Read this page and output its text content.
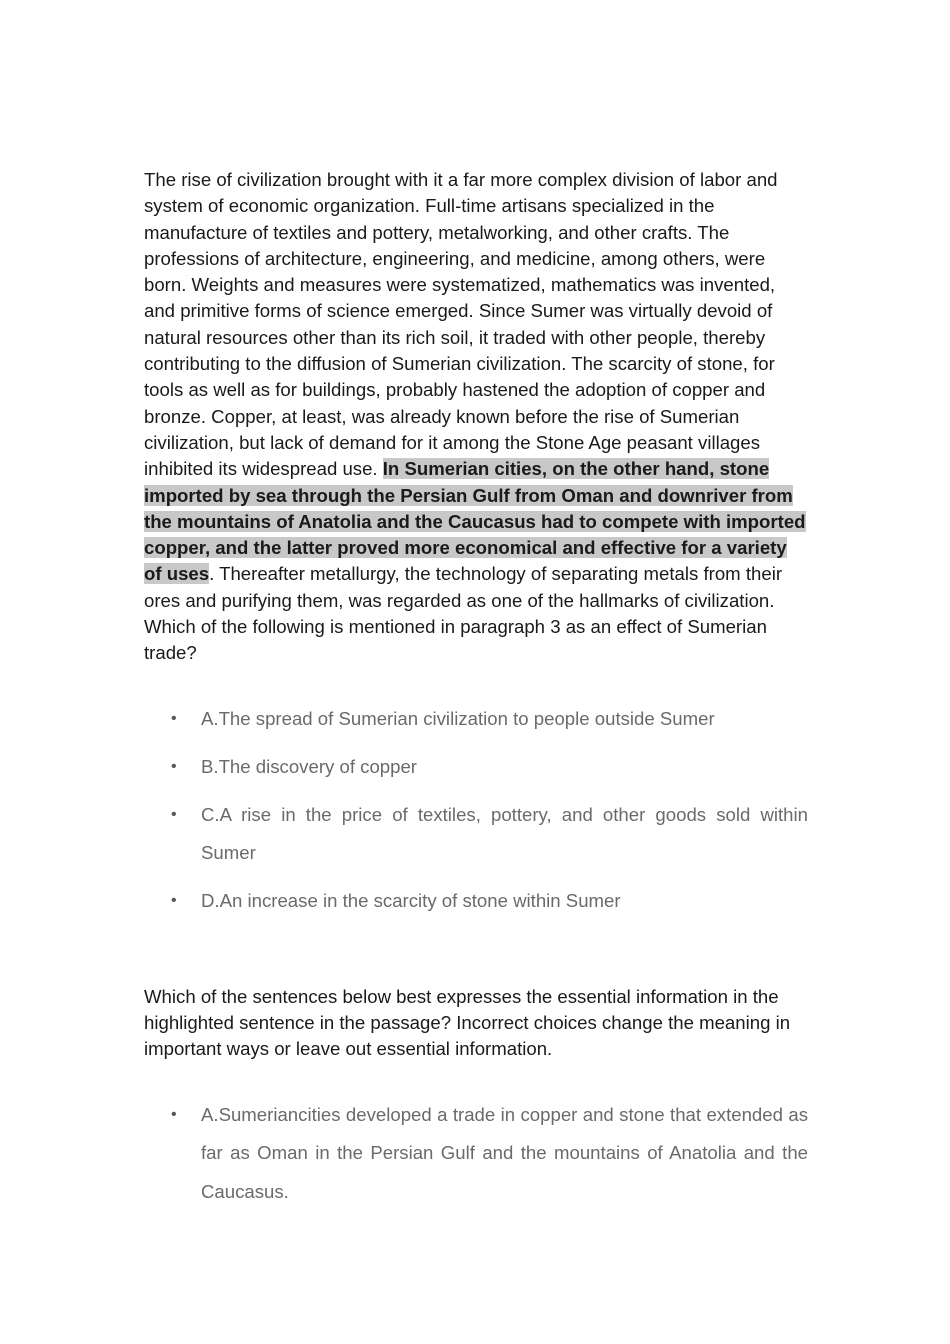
The rise of civilization brought with it a far more complex division of labor and system of economic organization. Full-time artisans specialized in the manufacture of textiles and pottery, metalworking, and other crafts. The professions of architecture, engineering, and medicine, among others, were born. Weights and measures were systematized, mathematics was invented, and primitive forms of science emerged. Since Sumer was virtually devoid of natural resources other than its rich soil, it traded with other people, thereby contributing to the diffusion of Sumerian civilization. The scarcity of stone, for tools as well as for buildings, probably hastened the adoption of copper and bronze. Copper, at least, was already known before the rise of Sumerian civilization, but lack of demand for it among the Stone Age peasant villages inhibited its widespread use. In Sumerian cities, on the other hand, stone imported by sea through the Persian Gulf from Oman and downriver from the mountains of Anatolia and the Caucasus had to compete with imported copper, and the latter proved more economical and effective for a variety of uses. Thereafter metallurgy, the technology of separating metals from their ores and purifying them, was regarded as one of the hallmarks of civilization.

Which of the following is mentioned in paragraph 3 as an effect of Sumerian trade?

• A.The spread of Sumerian civilization to people outside Sumer
• B.The discovery of copper
• C.A rise in the price of textiles, pottery, and other goods sold within Sumer
• D.An increase in the scarcity of stone within Sumer

Which of the sentences below best expresses the essential information in the highlighted sentence in the passage? Incorrect choices change the meaning in important ways or leave out essential information.

• A.Sumeriancities developed a trade in copper and stone that extended as far as Oman in the Persian Gulf and the mountains of Anatolia and the Caucasus.
